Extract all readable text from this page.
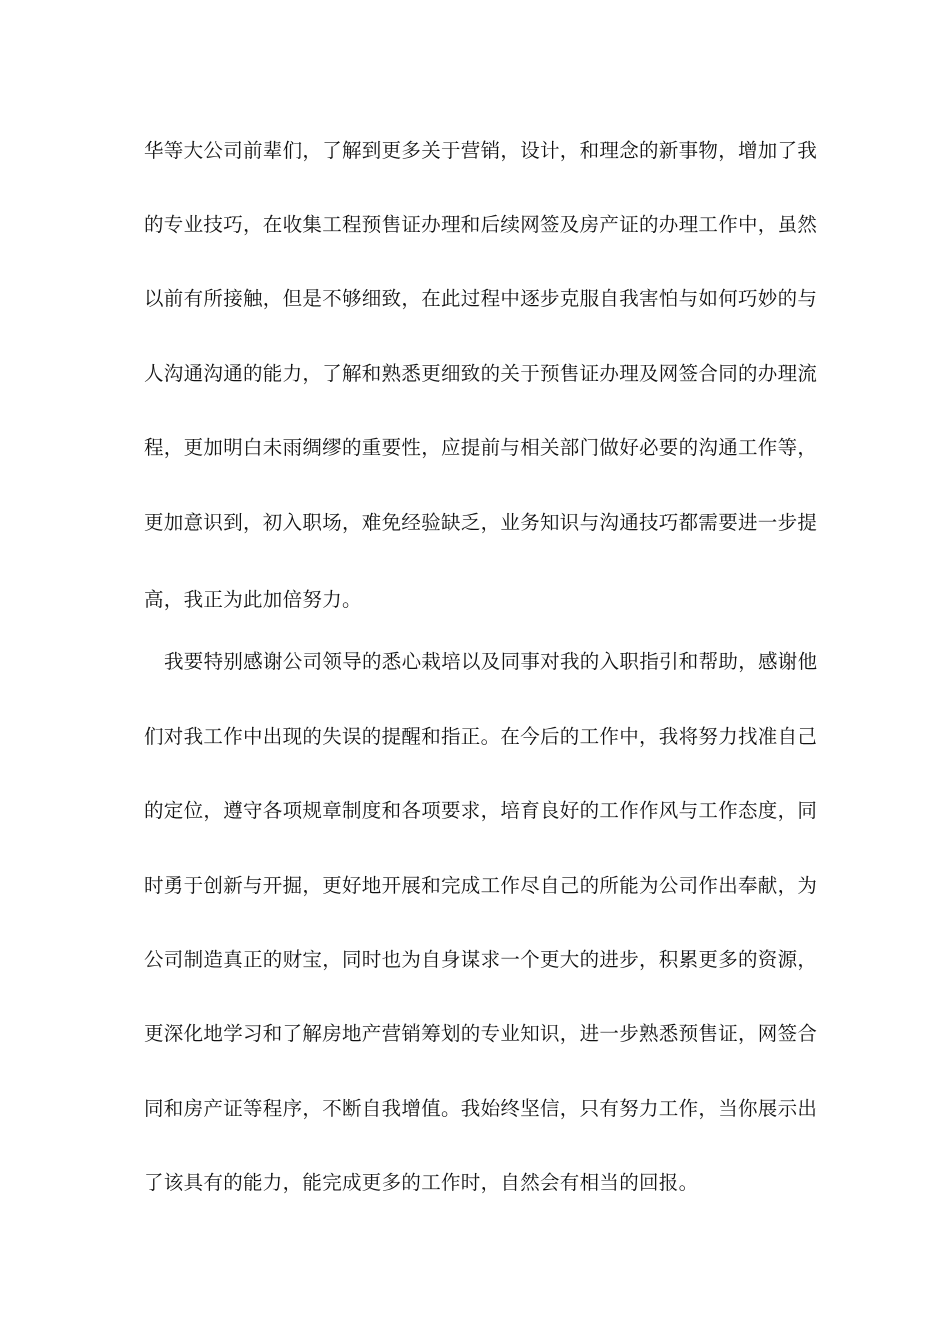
华等大公司前辈们，了解到更多关于营销，设计，和理念的新事物，增加了我

的专业技巧，在收集工程预售证办理和后续网签及房产证的办理工作中，虽然

以前有所接触，但是不够细致，在此过程中逐步克服自我害怕与如何巧妙的与

人沟通沟通的能力，了解和熟悉更细致的关于预售证办理及网签合同的办理流

程，更加明白未雨绸缪的重要性，应提前与相关部门做好必要的沟通工作等，

更加意识到，初入职场，难免经验缺乏，业务知识与沟通技巧都需要进一步提

高，我正为此加倍努力。

我要特别感谢公司领导的悉心栽培以及同事对我的入职指引和帮助，感谢他

们对我工作中出现的失误的提醒和指正。在今后的工作中，我将努力找准自己

的定位，遵守各项规章制度和各项要求，培育良好的工作作风与工作态度，同

时勇于创新与开掘，更好地开展和完成工作尽自己的所能为公司作出奉献，为

公司制造真正的财宝，同时也为自身谋求一个更大的进步，积累更多的资源，

更深化地学习和了解房地产营销筹划的专业知识，进一步熟悉预售证，网签合

同和房产证等程序，不断自我增值。我始终坚信，只有努力工作，当你展示出

了该具有的能力，能完成更多的工作时，自然会有相当的回报。
